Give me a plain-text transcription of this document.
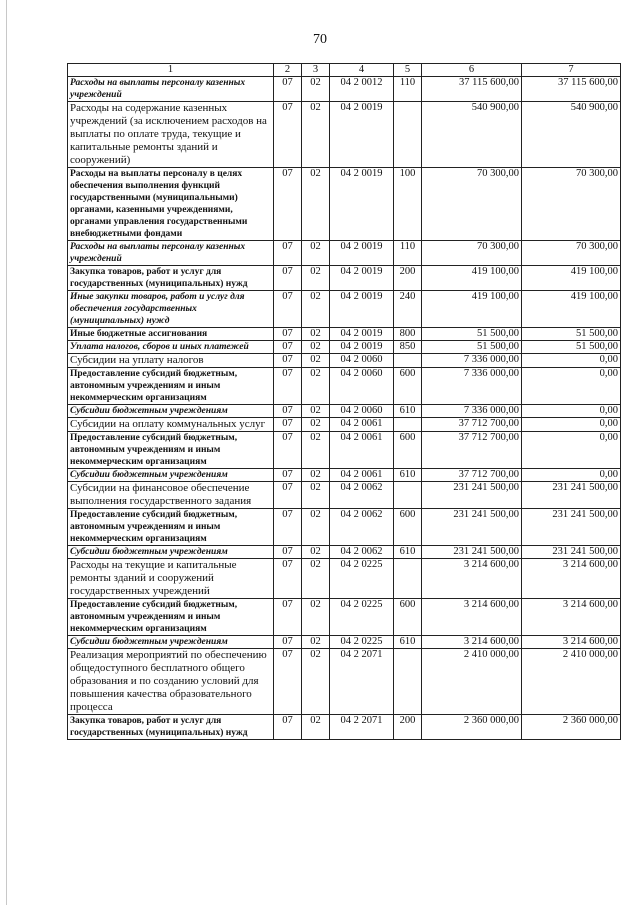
70
1	2	3	4	5	6	7
Расходы на выплаты персоналу казенных учреждений	07	02	04 2 0012	110	37 115 600,00	37 115 600,00
Расходы на содержание казенных учреждений (за исключением расходов на выплаты по оплате труда, текущие и капитальные ремонты зданий и сооружений)	07	02	04 2 0019		540 900,00	540 900,00
Расходы на выплаты персоналу в целях обеспечения выполнения функций государственными (муниципальными) органами, казенными учреждениями, органами управления государственными внебюджетными фондами	07	02	04 2 0019	100	70 300,00	70 300,00
Расходы на выплаты персоналу казенных учреждений	07	02	04 2 0019	110	70 300,00	70 300,00
Закупка товаров, работ и услуг для государственных (муниципальных) нужд	07	02	04 2 0019	200	419 100,00	419 100,00
Иные закупки товаров, работ и услуг для обеспечения государственных (муниципальных) нужд	07	02	04 2 0019	240	419 100,00	419 100,00
Иные бюджетные ассигнования	07	02	04 2 0019	800	51 500,00	51 500,00
Уплата налогов, сборов и иных платежей	07	02	04 2 0019	850	51 500,00	51 500,00
Субсидии на уплату налогов	07	02	04 2 0060		7 336 000,00	0,00
Предоставление субсидий бюджетным, автономным учреждениям и иным некоммерческим организациям	07	02	04 2 0060	600	7 336 000,00	0,00
Субсидии бюджетным учреждениям	07	02	04 2 0060	610	7 336 000,00	0,00
Субсидии на оплату коммунальных услуг	07	02	04 2 0061		37 712 700,00	0,00
Предоставление субсидий бюджетным, автономным учреждениям и иным некоммерческим организациям	07	02	04 2 0061	600	37 712 700,00	0,00
Субсидии бюджетным учреждениям	07	02	04 2 0061	610	37 712 700,00	0,00
Субсидии на финансовое обеспечение выполнения государственного задания	07	02	04 2 0062		231 241 500,00	231 241 500,00
Предоставление субсидий бюджетным, автономным учреждениям и иным некоммерческим организациям	07	02	04 2 0062	600	231 241 500,00	231 241 500,00
Субсидии бюджетным учреждениям	07	02	04 2 0062	610	231 241 500,00	231 241 500,00
Расходы на текущие и капитальные ремонты зданий и сооружений государственных учреждений	07	02	04 2 0225		3 214 600,00	3 214 600,00
Предоставление субсидий бюджетным, автономным учреждениям и иным некоммерческим организациям	07	02	04 2 0225	600	3 214 600,00	3 214 600,00
Субсидии бюджетным учреждениям	07	02	04 2 0225	610	3 214 600,00	3 214 600,00
Реализация мероприятий по обеспечению общедоступного бесплатного общего образования и по созданию условий для повышения качества образовательного процесса	07	02	04 2 2071		2 410 000,00	2 410 000,00
Закупка товаров, работ и услуг для государственных (муниципальных) нужд	07	02	04 2 2071	200	2 360 000,00	2 360 000,00
